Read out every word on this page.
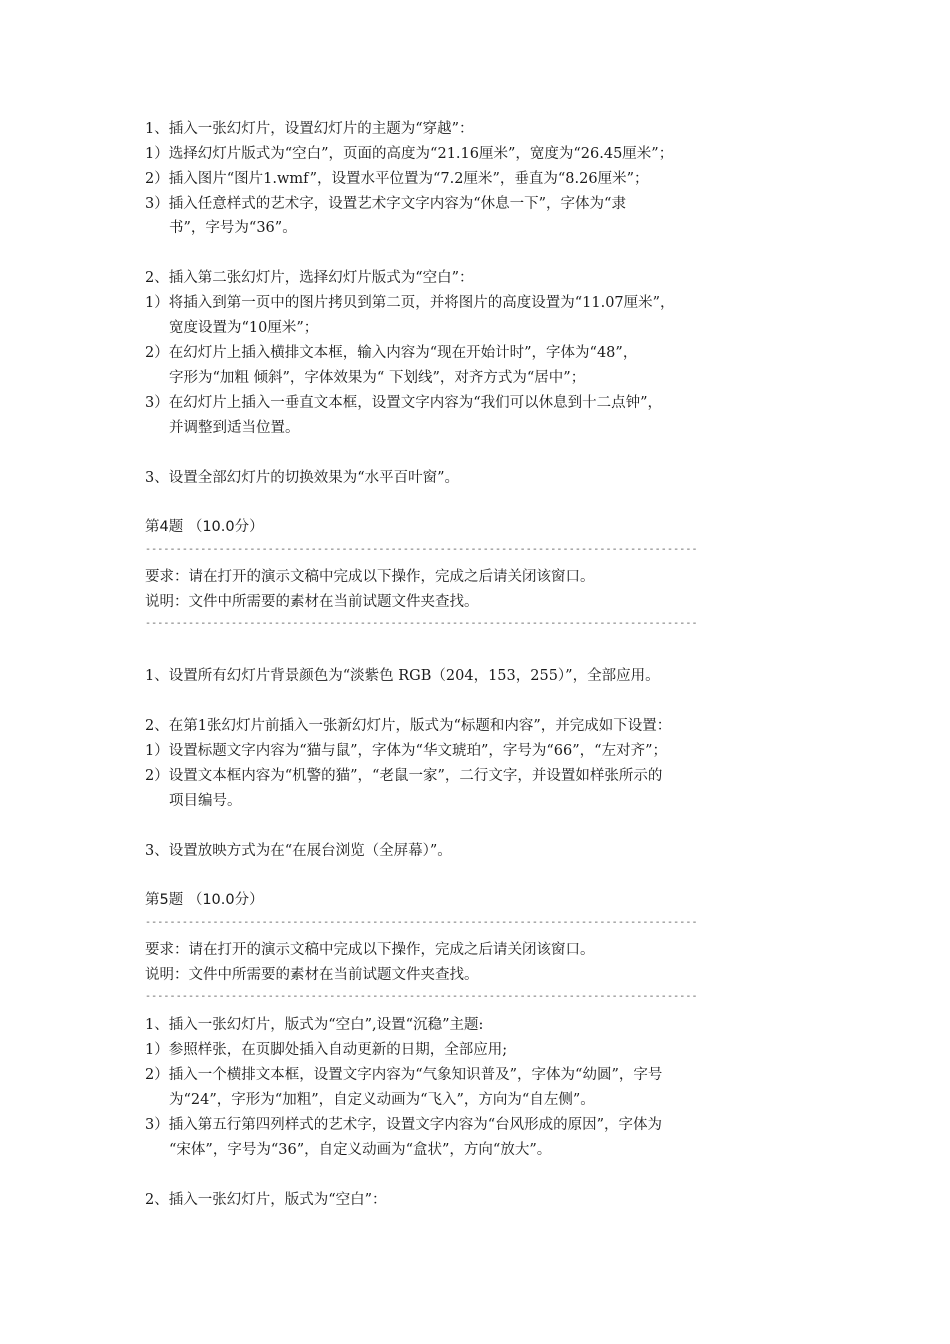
1、插入一张幻灯片，设置幻灯片的主题为“穿越”：
1）选择幻灯片版式为“空白”，页面的高度为“21.16厘米”，宽度为“26.45厘米”；
2）插入图片“图片1.wmf”，设置水平位置为“7.2厘米”，垂直为“8.26厘米”；
3）插入任意样式的艺术字，设置艺术字文字内容为“休息一下”，字体为“隶
书”，字号为“36”。
2、插入第二张幻灯片，选择幻灯片版式为“空白”：
1）将插入到第一页中的图片拷贝到第二页，并将图片的高度设置为“11.07厘米”，
宽度设置为“10厘米”；
2）在幻灯片上插入横排文本框，输入内容为“现在开始计时”，字体为“48”，
字形为“加粗 倾斜”，字体效果为“ 下划线”，对齐方式为“居中”；
3）在幻灯片上插入一垂直文本框，设置文字内容为“我们可以休息到十二点钟”，
并调整到适当位置。
3、设置全部幻灯片的切换效果为“水平百叶窗”。
第4题 （10.0分）
------------------------------------------------------------------------------------------
要求：请在打开的演示文稿中完成以下操作，完成之后请关闭该窗口。
说明：文件中所需要的素材在当前试题文件夹查找。
------------------------------------------------------------------------------------------
1、设置所有幻灯片背景颜色为“淡紫色 RGB（204，153，255）”，全部应用。
2、在第1张幻灯片前插入一张新幻灯片，版式为“标题和内容”，并完成如下设置：
1）设置标题文字内容为“猫与鼠”，字体为“华文琥珀”，字号为“66”，“左对齐”；
2）设置文本框内容为“机警的猫”，“老鼠一家”，二行文字，并设置如样张所示的
项目编号。
3、设置放映方式为在“在展台浏览（全屏幕）”。
第5题 （10.0分）
------------------------------------------------------------------------------------------
要求：请在打开的演示文稿中完成以下操作，完成之后请关闭该窗口。
说明：文件中所需要的素材在当前试题文件夹查找。
------------------------------------------------------------------------------------------
1、插入一张幻灯片，版式为“空白”,设置“沉稳”主题:
1）参照样张，在页脚处插入自动更新的日期，全部应用;
2）插入一个横排文本框，设置文字内容为“气象知识普及”，字体为“幼圆”，字号
为“24”，字形为“加粗”，自定义动画为“飞入”，方向为“自左侧”。
3）插入第五行第四列样式的艺术字，设置文字内容为“台风形成的原因”，字体为
“宋体”，字号为“36”，自定义动画为“盒状”，方向“放大”。
2、插入一张幻灯片，版式为“空白”：
